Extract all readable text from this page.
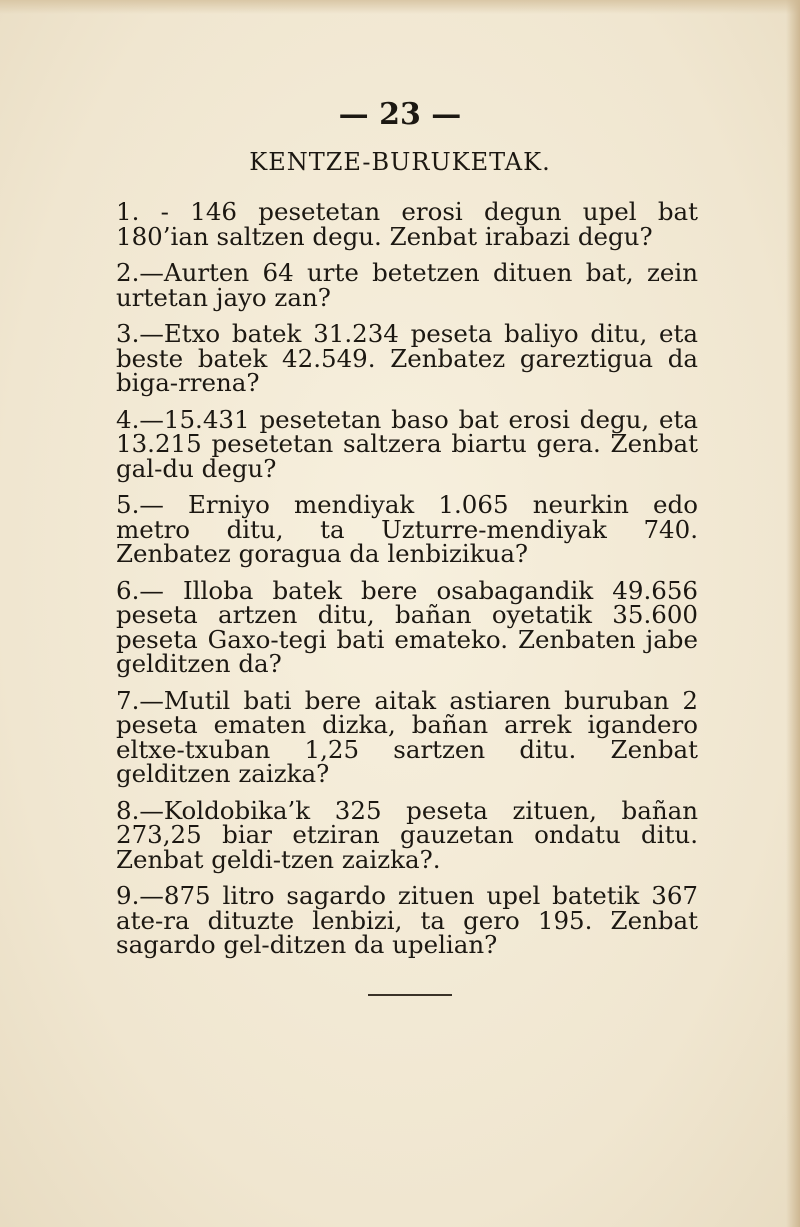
— 23 —
KENTZE-BURUKETAK.

1. - 146 pesetetan erosi degun upel bat 180’ian saltzen degu. Zenbat irabazi degu?

2.—Aurten 64 urte betetzen dituen bat, zein urtetan jayo zan?

3.—Etxo batek 31.234 peseta baliyo ditu, eta beste batek 42.549. Zenbatez gareztigua da biga-rrena?

4.—15.431 pesetetan baso bat erosi degu, eta 13.215 pesetetan saltzera biartu gera. Zenbat gal-du degu?

5.— Erniyo mendiyak 1.065 neurkin edo metro ditu, ta Uzturre-mendiyak 740. Zenbatez goragua da lenbizikua?

6.— Illoba batek bere osabagandik 49.656 peseta artzen ditu, bañan oyetatik 35.600 peseta Gaxo-tegi bati emateko. Zenbaten jabe gelditzen da?

7.—Mutil bati bere aitak astiaren buruban 2 peseta ematen dizka, bañan arrek igandero eltxe-txuban 1,25 sartzen ditu. Zenbat gelditzen zaizka?

8.—Koldobika’k 325 peseta zituen, bañan 273,25 biar etziran gauzetan ondatu ditu. Zenbat geldi-tzen zaizka?.

9.—875 litro sagardo zituen upel batetik 367 ate-ra dituzte lenbizi, ta gero 195. Zenbat sagardo gel-ditzen da upelian?
